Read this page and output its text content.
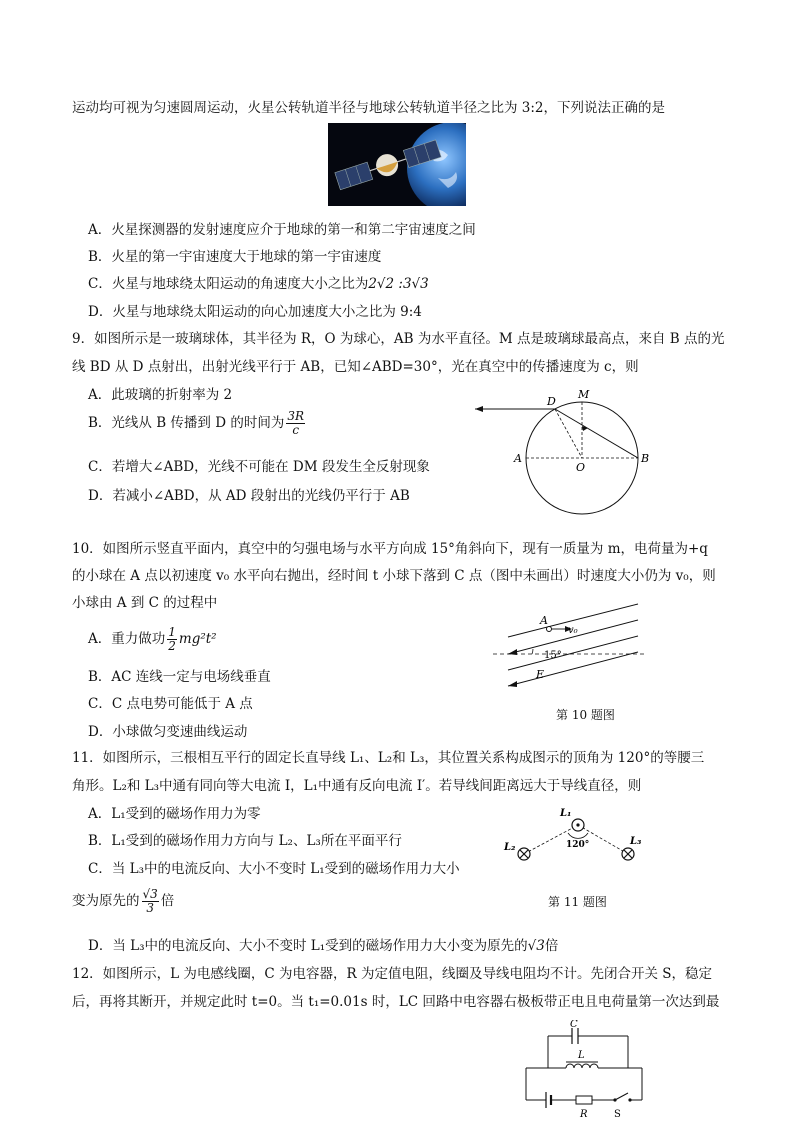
运动均可视为匀速圆周运动，火星公转轨道半径与地球公转轨道半径之比为 3:2，下列说法正确的是
A．火星探测器的发射速度应介于地球的第一和第二宇宙速度之间
B．火星的第一宇宙速度大于地球的第一宇宙速度
C．火星与地球绕太阳运动的角速度大小之比为2√2 :3√3
D．火星与地球绕太阳运动的向心加速度大小之比为 9:4
9．如图所示是一玻璃球体，其半径为 R，O 为球心，AB 为水平直径。M 点是玻璃球最高点，来自 B 点的光
线 BD 从 D 点射出，出射光线平行于 AB，已知∠ABD=30°，光在真空中的传播速度为 c，则
A．此玻璃的折射率为 2
B．光线从 B 传播到 D 的时间为 $\frac{3R}{c}$
C．若增大∠ABD，光线不可能在 DM 段发生全反射现象
D．若减小∠ABD，从 AD 段射出的光线仍平行于 AB
D
M
A
O
B
10．如图所示竖直平面内，真空中的匀强电场与水平方向成 15°角斜向下，现有一质量为 m，电荷量为+q
的小球在 A 点以初速度 v₀ 水平向右抛出，经时间 t 小球下落到 C 点（图中未画出）时速度大小仍为 v₀，则
小球由 A 到 C 的过程中
A．重力做功 $\frac{1}{2} mg^2t^2$
B．AC 连线一定与电场线垂直
C．C 点电势可能低于 A 点
D．小球做匀变速曲线运动
A
v₀
15°
E
第 10 题图
11．如图所示，三根相互平行的固定长直导线 L₁、L₂和 L₃，其位置关系构成图示的顶角为 120°的等腰三
角形。L₂和 L₃中通有同向等大电流 I，L₁中通有反向电流 I′。若导线间距离远大于导线直径，则
A．L₁受到的磁场作用力为零
B．L₁受到的磁场作用力方向与 L₂、L₃所在平面平行
C．当 L₃中的电流反向、大小不变时 L₁受到的磁场作用力大小
变为原先的 $\frac{√3}{3}$ 倍
D．当 L₃中的电流反向、大小不变时 L₁受到的磁场作用力大小变为原先的√3倍
L₁
L₂
L₃
120°
第 11 题图
12．如图所示，L 为电感线圈，C 为电容器，R 为定值电阻，线圈及导线电阻均不计。先闭合开关 S，稳定
后，再将其断开，并规定此时 t=0。当 t₁=0.01s 时，LC 回路中电容器右极板带正电且电荷量第一次达到最
C
L
R	S
